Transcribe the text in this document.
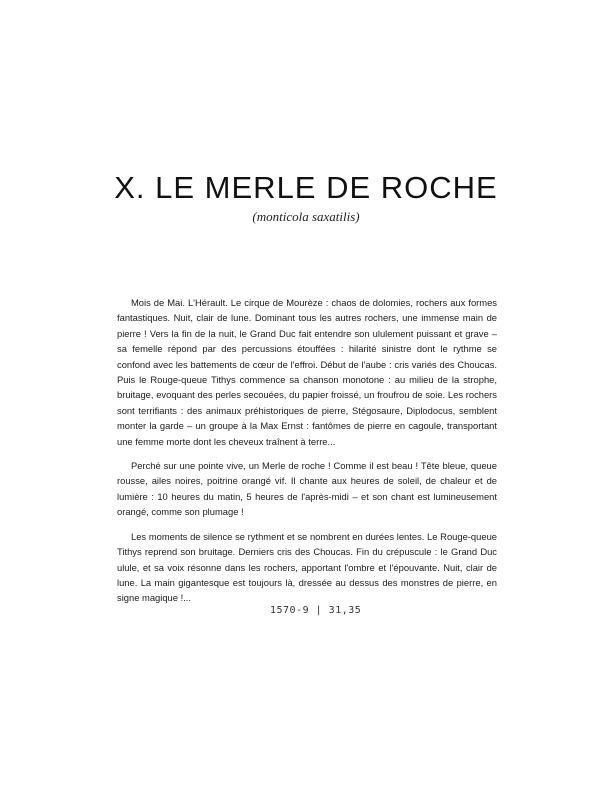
X. LE MERLE DE ROCHE
(monticola saxatilis)

Mois de Mai. L'Hérault. Le cirque de Mourèze : chaos de dolomies, rochers aux formes fantastiques. Nuit, clair de lune. Dominant tous les autres rochers, une immense main de pierre ! Vers la fin de la nuit, le Grand Duc fait entendre son ululement puissant et grave – sa femelle répond par des percussions étouffées : hilarité sinistre dont le rythme se confond avec les battements de cœur de l'effroi. Début de l'aube : cris variés des Choucas. Puis le Rouge-queue Tithys commence sa chanson monotone : au milieu de la strophe, bruitage, evoquant des perles secouées, du papier froissé, un froufrou de soie. Les rochers sont terrifiants : des animaux préhistoriques de pierre, Stégosaure, Diplodocus, semblent monter la garde – un groupe à la Max Ernst : fantômes de pierre en cagoule, transportant une femme morte dont les cheveux traînent à terre...

Perché sur une pointe vive, un Merle de roche ! Comme il est beau ! Tête bleue, queue rousse, ailes noires, poitrine orangé vif. Il chante aux heures de soleil, de chaleur et de lumière : 10 heures du matin, 5 heures de l'après-midi – et son chant est lumineusement orangé, comme son plumage !

Les moments de silence se rythment et se nombrent en durées lentes. Le Rouge-queue Tithys reprend son bruitage. Derniers cris des Choucas. Fin du crépuscule : le Grand Duc ulule, et sa voix résonne dans les rochers, apportant l'ombre et l'épouvante. Nuit, clair de lune. La main gigantesque est toujours là, dressée au dessus des monstres de pierre, en signe magique !...

1570-9 | 31,35
